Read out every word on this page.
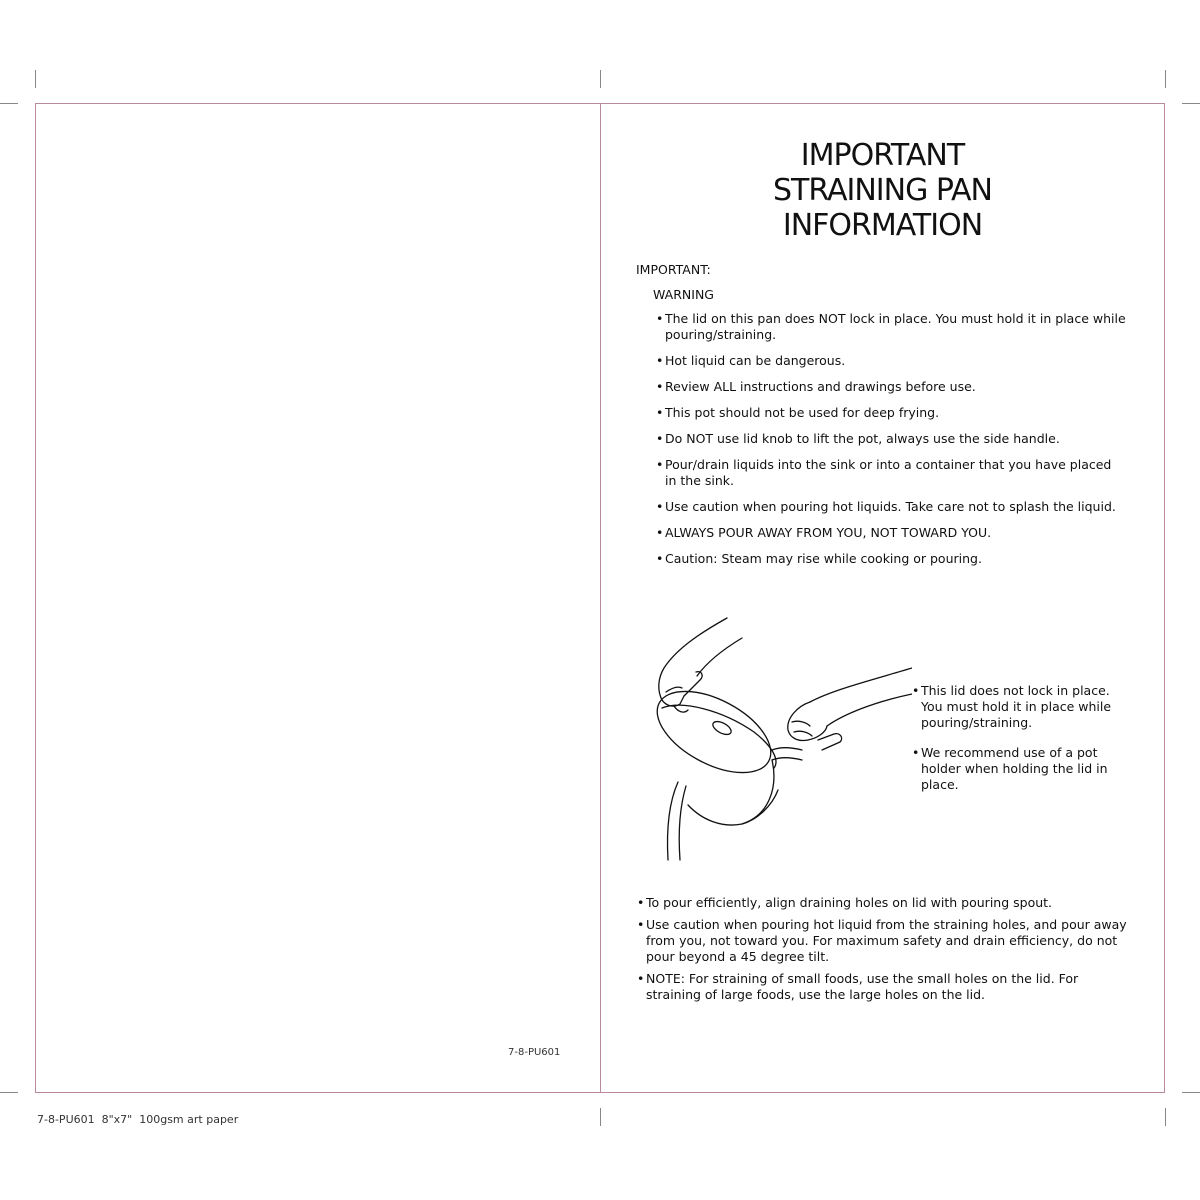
IMPORTANT
STRAINING PAN
INFORMATION
IMPORTANT:
WARNING
• The lid on this pan does NOT lock in place. You must hold it in place while pouring/straining.
• Hot liquid can be dangerous.
• Review ALL instructions and drawings before use.
• This pot should not be used for deep frying.
• Do NOT use lid knob to lift the pot, always use the side handle.
• Pour/drain liquids into the sink or into a container that you have placed in the sink.
• Use caution when pouring hot liquids. Take care not to splash the liquid.
• ALWAYS POUR AWAY FROM YOU, NOT TOWARD YOU.
• Caution: Steam may rise while cooking or pouring.
• This lid does not lock in place. You must hold it in place while pouring/straining.
• We recommend use of a pot holder when holding the lid in place.
• To pour efficiently, align draining holes on lid with pouring spout.
• Use caution when pouring hot liquid from the straining holes, and pour away from you, not toward you. For maximum safety and drain efficiency, do not pour beyond a 45 degree tilt.
• NOTE: For straining of small foods, use the small holes on the lid. For straining of large foods, use the large holes on the lid.
7-8-PU601
7-8-PU601  8"x7"  100gsm art paper
